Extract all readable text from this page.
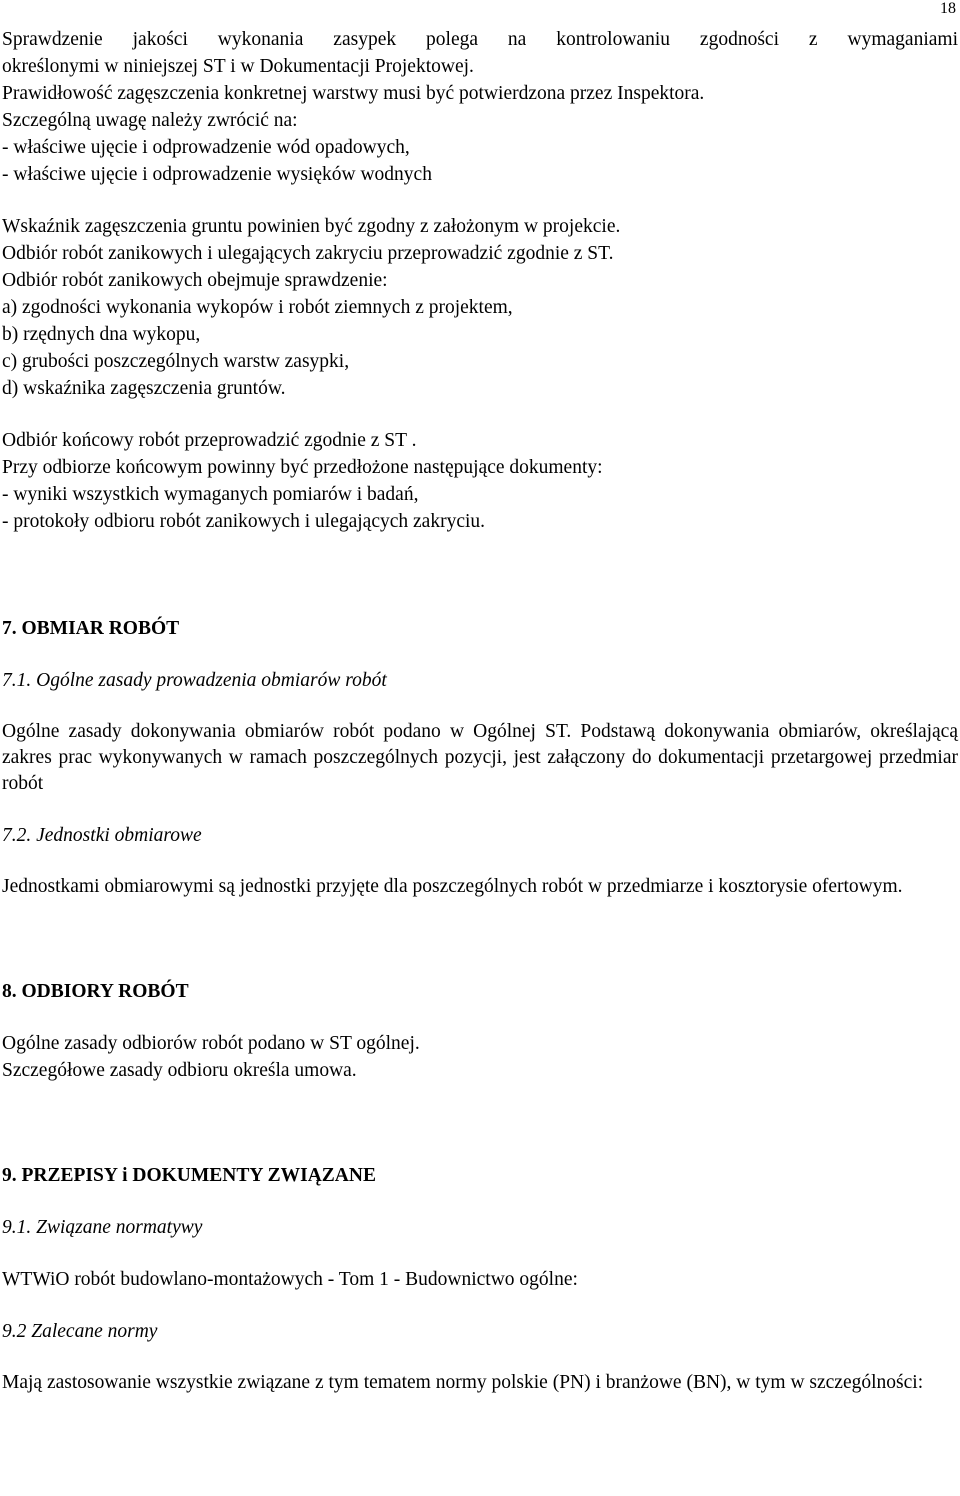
18
Sprawdzenie jakości wykonania zasypek polega na kontrolowaniu zgodności z wymaganiami
określonymi w niniejszej ST i w Dokumentacji Projektowej.
Prawidłowość zagęszczenia konkretnej warstwy musi być potwierdzona przez Inspektora.
Szczególną uwagę należy zwrócić na:
- właściwe ujęcie i odprowadzenie wód opadowych,
- właściwe ujęcie i odprowadzenie wysięków wodnych
Wskaźnik zagęszczenia gruntu powinien być zgodny z założonym w projekcie.
Odbiór robót zanikowych i ulegających zakryciu przeprowadzić zgodnie z ST.
Odbiór robót zanikowych obejmuje sprawdzenie:
a) zgodności wykonania wykopów i robót ziemnych z projektem,
b) rzędnych dna wykopu,
c) grubości poszczególnych warstw zasypki,
d) wskaźnika zagęszczenia gruntów.
Odbiór końcowy robót przeprowadzić zgodnie z ST .
Przy odbiorze końcowym powinny być przedłożone następujące dokumenty:
- wyniki wszystkich wymaganych pomiarów i badań,
- protokoły odbioru robót zanikowych i ulegających zakryciu.
7. OBMIAR ROBÓT
7.1. Ogólne zasady prowadzenia obmiarów robót
Ogólne zasady dokonywania obmiarów robót podano w Ogólnej ST. Podstawą dokonywania obmiarów, określającą zakres prac wykonywanych w ramach poszczególnych pozycji, jest załączony do dokumentacji przetargowej przedmiar robót
7.2. Jednostki obmiarowe
Jednostkami obmiarowymi są jednostki przyjęte dla poszczególnych robót w przedmiarze i kosztorysie ofertowym.
8. ODBIORY ROBÓT
Ogólne zasady odbiorów robót podano w ST ogólnej.
Szczegółowe zasady odbioru określa umowa.
9. PRZEPISY i DOKUMENTY ZWIĄZANE
9.1. Związane normatywy
WTWiO robót budowlano-montażowych - Tom 1 - Budownictwo ogólne:
9.2 Zalecane normy
Mają zastosowanie wszystkie związane z tym tematem normy polskie (PN) i branżowe (BN), w tym w szczególności:
